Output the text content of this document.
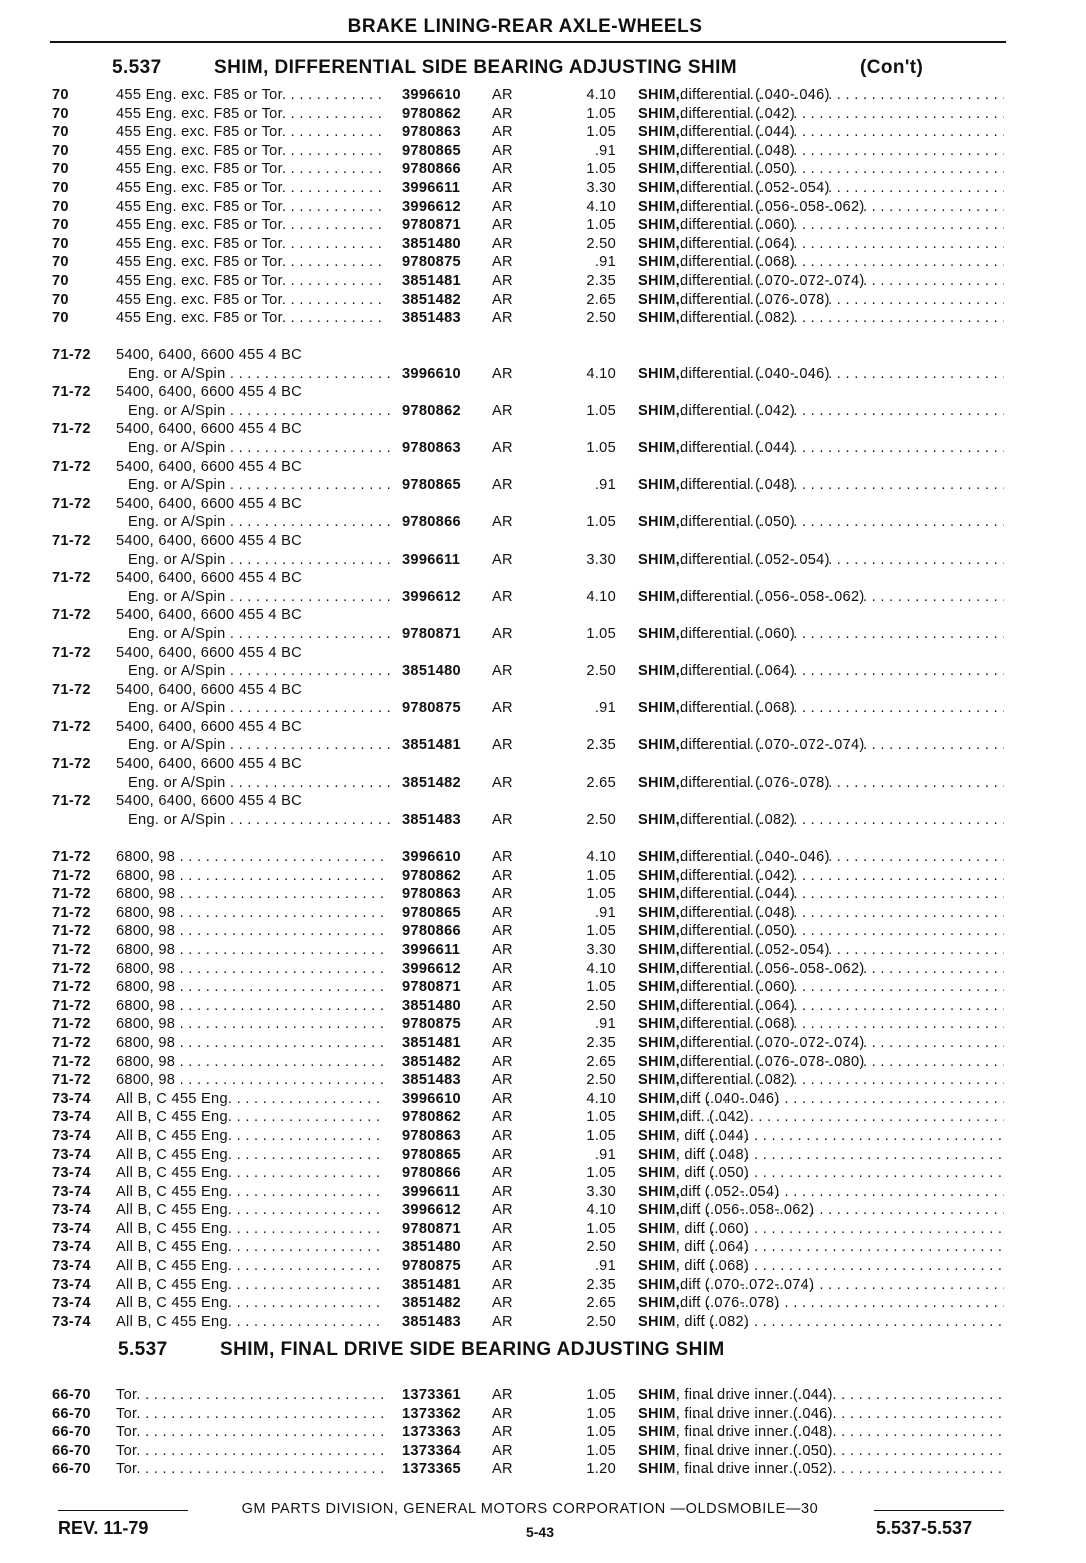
BRAKE LINING-REAR AXLE-WHEELS
5.537	SHIM, DIFFERENTIAL SIDE BEARING ADJUSTING SHIM	(Con't)
70	455 Eng. exc. F85 or Tor. . . .	3996610 AR	4.10 SHIM, differential (.040-.046)
. . .
70	455 Eng. exc. F85 or Tor. . . .	9780862 AR	1.05 SHIM, differential (.042)
. . .
70	455 Eng. exc. F85 or Tor. . . .	9780863 AR	1.05 SHIM, differential (.044)
. . .
70	455 Eng. exc. F85 or Tor. . . .	9780865 AR	.91 SHIM, differential (.048)
. . .
70	455 Eng. exc. F85 or Tor. . . .	9780866 AR	1.05 SHIM, differential (.050)
. . .
70	455 Eng. exc. F85 or Tor. . . .	3996611 AR	3.30 SHIM, differential (.052-.054)
. . .
70	455 Eng. exc. F85 or Tor. . . .	3996612 AR	4.10 SHIM, differential (.056-.058-.062)
. . .
70	455 Eng. exc. F85 or Tor. . . .	9780871 AR	1.05 SHIM, differential (.060)
. . .
70	455 Eng. exc. F85 or Tor. . . .	3851480 AR	2.50 SHIM, differential (.064)
. . .
70	455 Eng. exc. F85 or Tor. . . .	9780875 AR	.91 SHIM, differential (.068)
. . .
70	455 Eng. exc. F85 or Tor. . . .	3851481 AR	2.35 SHIM, differential (.070-.072-.074)
. . .
70	455 Eng. exc. F85 or Tor. . . .	3851482 AR	2.65 SHIM, differential (.076-.078)
. . .
70	455 Eng. exc. F85 or Tor. . . .	3851483 AR	2.50 SHIM, differential (.082)
. . .
71-72 5400, 6400, 6600 455 4 BC
Eng. or A/Spin . . .	3996610 AR	4.10 SHIM, differential (.040-.046)
. . .
71-72 5400, 6400, 6600 455 4 BC
Eng. or A/Spin . . .	9780862 AR	1.05 SHIM, differential (.042)
. . .
71-72 5400, 6400, 6600 455 4 BC
Eng. or A/Spin . . .	9780863 AR	1.05 SHIM, differential (.044)
. . .
71-72 5400, 6400, 6600 455 4 BC
Eng. or A/Spin . . .	9780865 AR	.91 SHIM, differential (.048)
. . .
71-72 5400, 6400, 6600 455 4 BC
Eng. or A/Spin . . .	9780866 AR	1.05 SHIM, differential (.050)
. . .
71-72 5400, 6400, 6600 455 4 BC
Eng. or A/Spin . . .	3996611 AR	3.30 SHIM, differential (.052-.054)
. . .
71-72 5400, 6400, 6600 455 4 BC
Eng. or A/Spin . . .	3996612 AR	4.10 SHIM, differential (.056-.058-.062)
. . .
71-72 5400, 6400, 6600 455 4 BC
Eng. or A/Spin . . .	9780871 AR	1.05 SHIM, differential (.060)
. . .
71-72 5400, 6400, 6600 455 4 BC
Eng. or A/Spin . . .	3851480 AR	2.50 SHIM, differential (.064)
. . .
71-72 5400, 6400, 6600 455 4 BC
Eng. or A/Spin . . .	9780875 AR	.91 SHIM, differential (.068)
. . .
71-72 5400, 6400, 6600 455 4 BC
Eng. or A/Spin . . .	3851481 AR	2.35 SHIM, differential (.070-.072-.074)
. . .
71-72 5400, 6400, 6600 455 4 BC
Eng. or A/Spin . . .	3851482 AR	2.65 SHIM, differential (.076-.078)
. . .
71-72 5400, 6400, 6600 455 4 BC
Eng. or A/Spin . . .	3851483 AR	2.50 SHIM, differential (.082)
. . .
71-72 6800, 98 . . .	3996610 AR	4.10 SHIM, differential (.040-.046)
. . .
71-72 6800, 98 . . .	9780862 AR	1.05 SHIM, differential (.042)
. . .
71-72 6800, 98 . . .	9780863 AR	1.05 SHIM, differential (.044)
. . .
71-72 6800, 98 . . .	9780865 AR	.91 SHIM, differential (.048)
. . .
71-72 6800, 98 . . .	9780866 AR	1.05 SHIM, differential (.050)
. . .
71-72 6800, 98 . . .	3996611 AR	3.30 SHIM, differential (.052-.054)
. . .
71-72 6800, 98 . . .	3996612 AR	4.10 SHIM, differential (.056-.058-.062)
. . .
71-72 6800, 98 . . .	9780871 AR	1.05 SHIM, differential (.060)
. . .
71-72 6800, 98 . . .	3851480 AR	2.50 SHIM, differential (.064)
. . .
71-72 6800, 98 . . .	9780875 AR	.91 SHIM, differential (.068)
. . .
71-72 6800, 98 . . .	3851481 AR	2.35 SHIM, differential (.070-.072-.074)
. . .
71-72 6800, 98 . . .	3851482 AR	2.65 SHIM, differential (.076-.078-.080)
. . .
71-72 6800, 98 . . .	3851483 AR	2.50 SHIM, differential (.082)
. . .
73-74 All B, C 455 Eng. . . .	3996610 AR	4.10 SHIM, diff (.040-.046)
. . .
73-74 All B, C 455 Eng. . . .	9780862 AR	1.05 SHIM, diff. (.042)
. . .
73-74 All B, C 455 Eng. . . .	9780863 AR	1.05 SHIM , diff (.044)
. . .
73-74 All B, C 455 Eng. . . .	9780865 AR	.91 SHIM , diff (.048)
. . .
73-74 All B, C 455 Eng. . . .	9780866 AR	1.05 SHIM , diff (.050)
. . .
73-74 All B, C 455 Eng. . . .	3996611 AR	3.30 SHIM, diff (.052-.054)
. . .
73-74 All B, C 455 Eng. . . .	3996612 AR	4.10 SHIM, diff (.056-.058-.062)
. . .
73-74 All B, C 455 Eng. . . .	9780871 AR	1.05 SHIM , diff (.060)
. . .
73-74 All B, C 455 Eng. . . .	3851480 AR	2.50 SHIM , diff (.064)
. . .
73-74 All B, C 455 Eng. . . .	9780875 AR	.91 SHIM , diff (.068)
. . .
73-74 All B, C 455 Eng. . . .	3851481 AR	2.35 SHIM, diff (.070-.072-.074)
. . .
73-74 All B, C 455 Eng. . . .	3851482 AR	2.65 SHIM, diff (.076-.078)
. . .
73-74 All B, C 455 Eng. . . .	3851483 AR	2.50 SHIM , diff (.082)
. . .
5.537	SHIM, FINAL DRIVE SIDE BEARING ADJUSTING SHIM
66-70 Tor. . . .	1373361 AR	1.05 SHIM , final drive inner (.044)
. . .
66-70 Tor. . . .	1373362 AR	1.05 SHIM , final drive inner (.046)
. . .
66-70 Tor. . . .	1373363 AR	1.05 SHIM , final drive inner (.048)
. . .
66-70 Tor. . . .	1373364 AR	1.05 SHIM , final drive inner (.050)
. . .
66-70 Tor. . . .	1373365 AR	1.20 SHIM , final drive inner (.052)
. . .
GM PARTS DIVISION, GENERAL MOTORS CORPORATION —OLDSMOBILE—30
REV. 11-79	5-43	5.537-5.537
